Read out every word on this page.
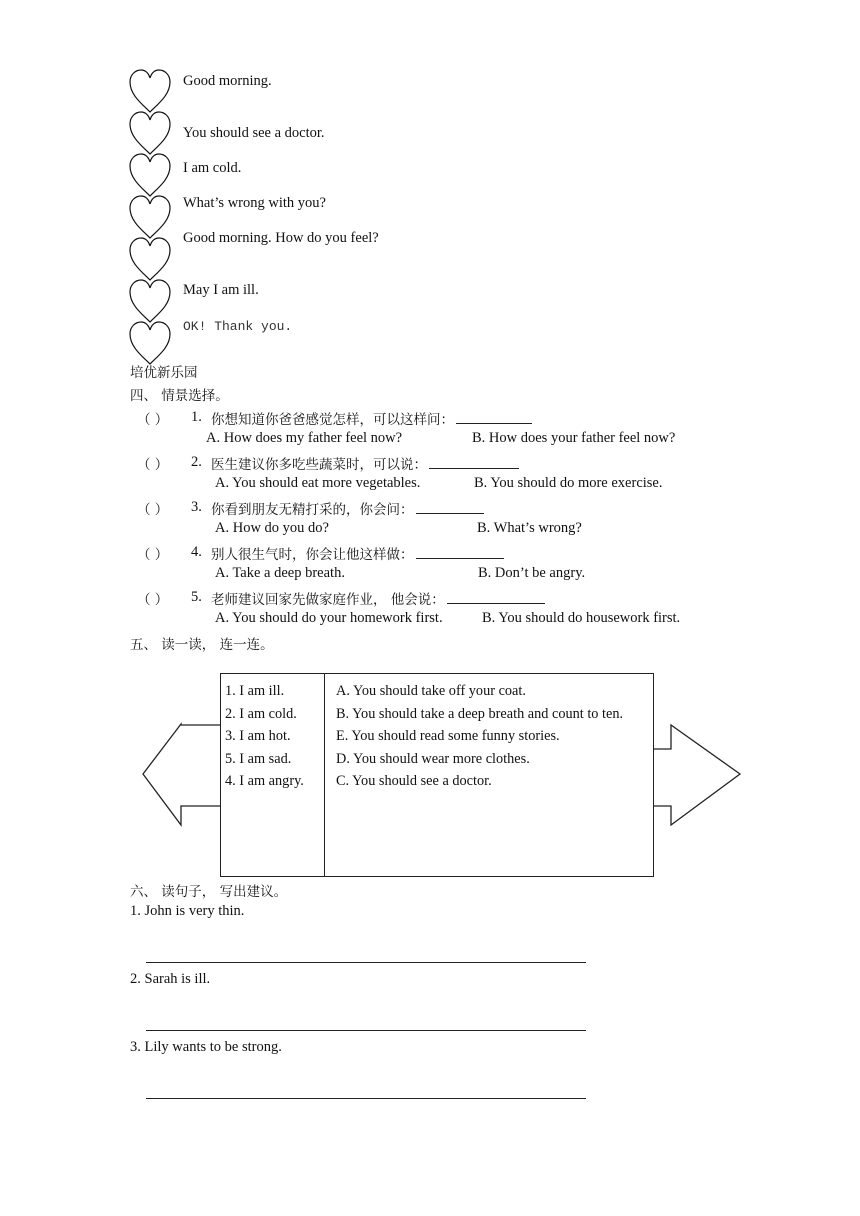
Good morning.
You should see a doctor.
I am cold.
What’s wrong with you?
Good morning. How do you feel?
May I am ill.
OK! Thank you.
培优新乐园
四、 情景选择。
（ ） 1. 你想知道你爸爸感觉怎样，可以这样问：
A. How does my father feel now?	B. How does your father feel now?
（ ） 2. 医生建议你多吃些蔬菜时，可以说：
A. You should eat more vegetables.	B. You should do more exercise.
（ ） 3. 你看到朋友无精打采的，你会问：
A. How do you do?	B. What’s wrong?
（ ） 4. 别人很生气时，你会让他这样做：
A. Take a deep breath.	B. Don’t be angry.
（ ） 5. 老师建议回家先做家庭作业， 他会说：
A. You should do your homework first.	B. You should do housework first.
五、 读一读， 连一连。
1. I am ill.
2. I am cold.
3. I am hot.
5. I am sad.
4. I am angry.
A. You should take off your coat.
B. You should take a deep breath and count to ten.
E. You should read some funny stories.
D. You should wear more clothes.
C. You should see a doctor.
六、 读句子， 写出建议。
1. John is very thin.
2. Sarah is ill.
3. Lily wants to be strong.
